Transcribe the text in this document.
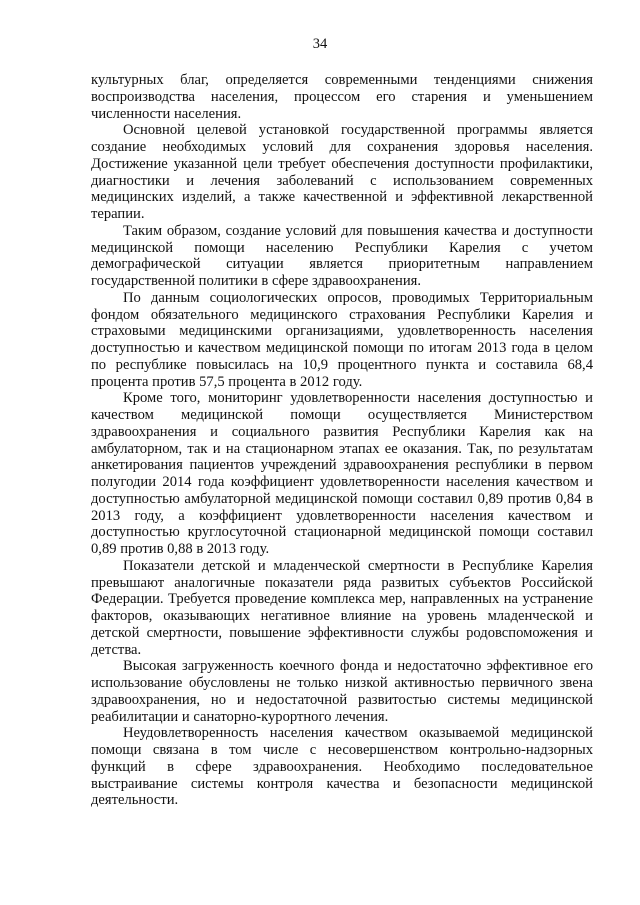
34

культурных благ, определяется современными тенденциями снижения воспроизводства населения, процессом его старения и уменьшением численности населения.

Основной целевой установкой государственной программы является создание необходимых условий для сохранения здоровья населения. Достижение указанной цели требует обеспечения доступности профилактики, диагностики и лечения заболеваний с использованием современных медицинских изделий, а также качественной и эффективной лекарственной терапии.

Таким образом, создание условий для повышения качества и доступности медицинской помощи населению Республики Карелия с учетом демографической ситуации является приоритетным направлением государственной политики в сфере здравоохранения.

По данным социологических опросов, проводимых Территориальным фондом обязательного медицинского страхования Республики Карелия и страховыми медицинскими организациями, удовлетворенность населения доступностью и качеством медицинской помощи по итогам 2013 года в целом по республике повысилась на 10,9 процентного пункта и составила 68,4 процента против 57,5 процента в 2012 году.

Кроме того, мониторинг удовлетворенности населения доступностью и качеством медицинской помощи осуществляется Министерством здравоохранения и социального развития Республики Карелия как на амбулаторном, так и на стационарном этапах ее оказания. Так, по результатам анкетирования пациентов учреждений здравоохранения республики в первом полугодии 2014 года коэффициент удовлетворенности населения качеством и доступностью амбулаторной медицинской помощи составил 0,89 против 0,84 в 2013 году, а коэффициент удовлетворенности населения качеством и доступностью круглосуточной стационарной медицинской помощи составил 0,89 против 0,88 в 2013 году.

Показатели детской и младенческой смертности в Республике Карелия превышают аналогичные показатели ряда развитых субъектов Российской Федерации. Требуется проведение комплекса мер, направленных на устранение факторов, оказывающих негативное влияние на уровень младенческой и детской смертности, повышение эффективности службы родовспоможения и детства.

Высокая загруженность коечного фонда и недостаточно эффективное его использование обусловлены не только низкой активностью первичного звена здравоохранения, но и недостаточной развитостью системы медицинской реабилитации и санаторно-курортного лечения.

Неудовлетворенность населения качеством оказываемой медицинской помощи связана в том числе с несовершенством контрольно-надзорных функций в сфере здравоохранения. Необходимо последовательное выстраивание системы контроля качества и безопасности медицинской деятельности.
